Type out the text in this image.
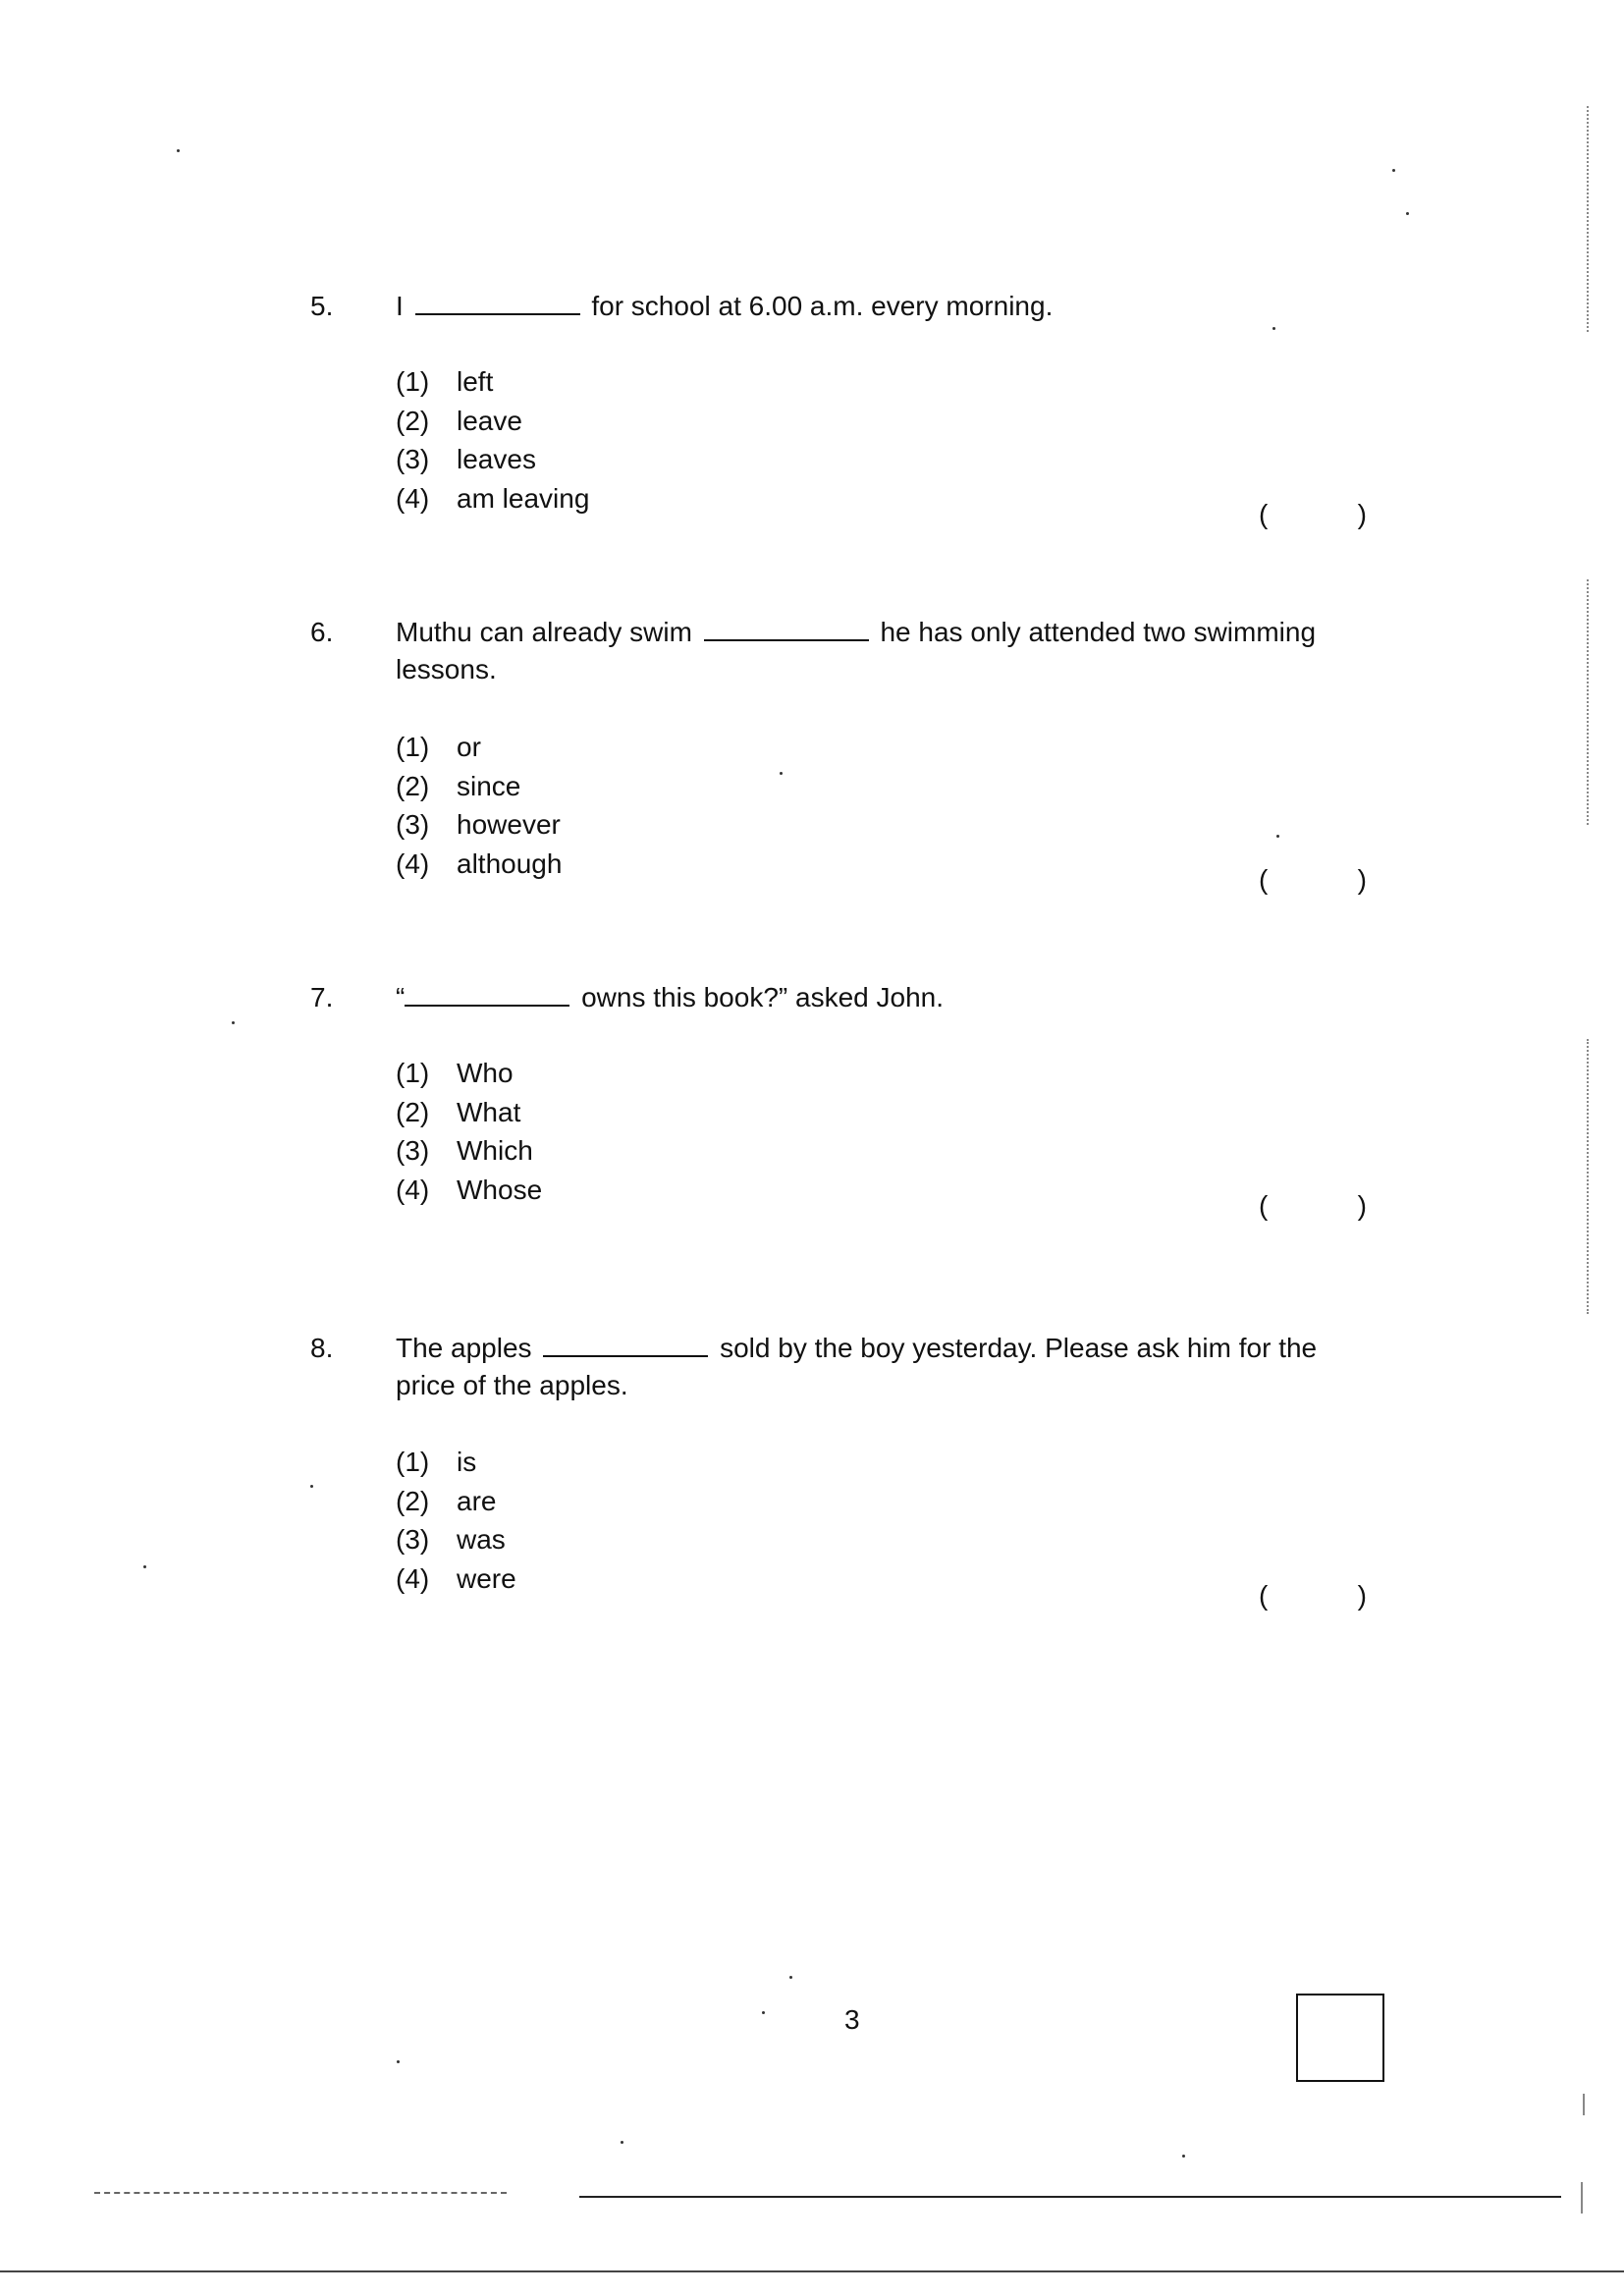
5. I	for school at 6.00 a.m. every morning.
(1) left
(2) leave
(3) leaves
(4) am leaving
(	)
6. Muthu can already swim	he has only attended two swimming lessons.
(1) or
(2) since
(3) however
(4) although
(	)
7. “	owns this book?” asked John.
(1) Who
(2) What
(3) Which
(4) Whose
(	)
8. The apples	sold by the boy yesterday. Please ask him for the price of the apples.
(1) is
(2) are
(3) was
(4) were
(	)
3
